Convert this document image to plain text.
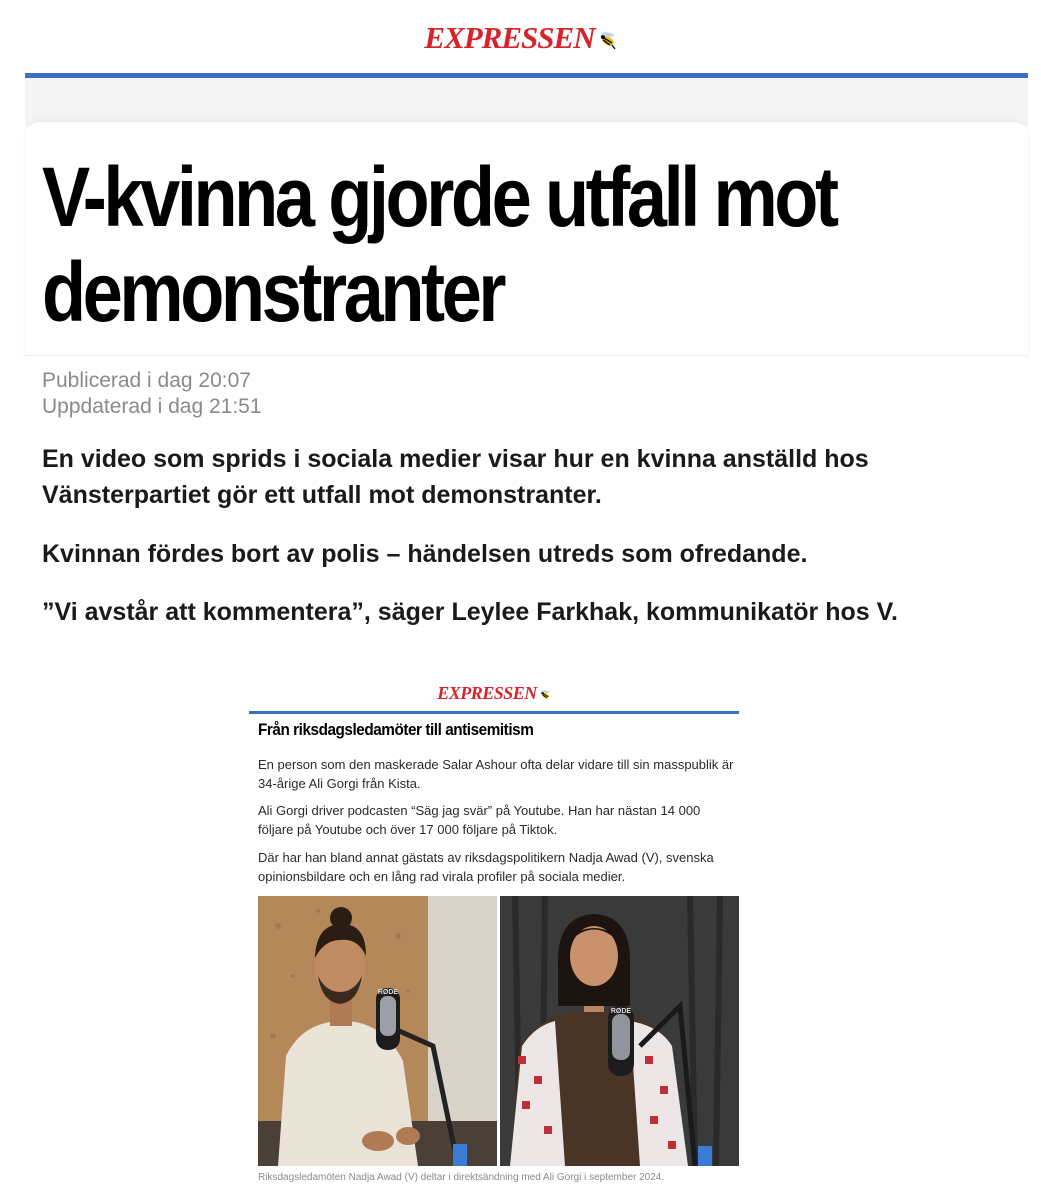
EXPRESSEN
V-kvinna gjorde utfall mot demonstranter
Publicerad i dag 20:07
Uppdaterad i dag 21:51

En video som sprids i sociala medier visar hur en kvinna anställd hos Vänsterpartiet gör ett utfall mot demonstranter.

Kvinnan fördes bort av polis – händelsen utreds som ofredande.

”Vi avstår att kommentera”, säger Leylee Farkhak, kommunikatör hos V.

EXPRESSEN
Från riksdagsledamöter till antisemitism

En person som den maskerade Salar Ashour ofta delar vidare till sin masspublik är 34-årige Ali Gorgi från Kista.

Ali Gorgi driver podcasten “Säg jag svär” på Youtube. Han har nästan 14 000 följare på Youtube och över 17 000 följare på Tiktok.

Där har han bland annat gästats av riksdagspolitikern Nadja Awad (V), svenska opinionsbildare och en lång rad virala profiler på sociala medier.

RØDE
RØDE
Riksdagsledamöten Nadja Awad (V) deltar i direktsändning med Ali Gorgi i september 2024.
